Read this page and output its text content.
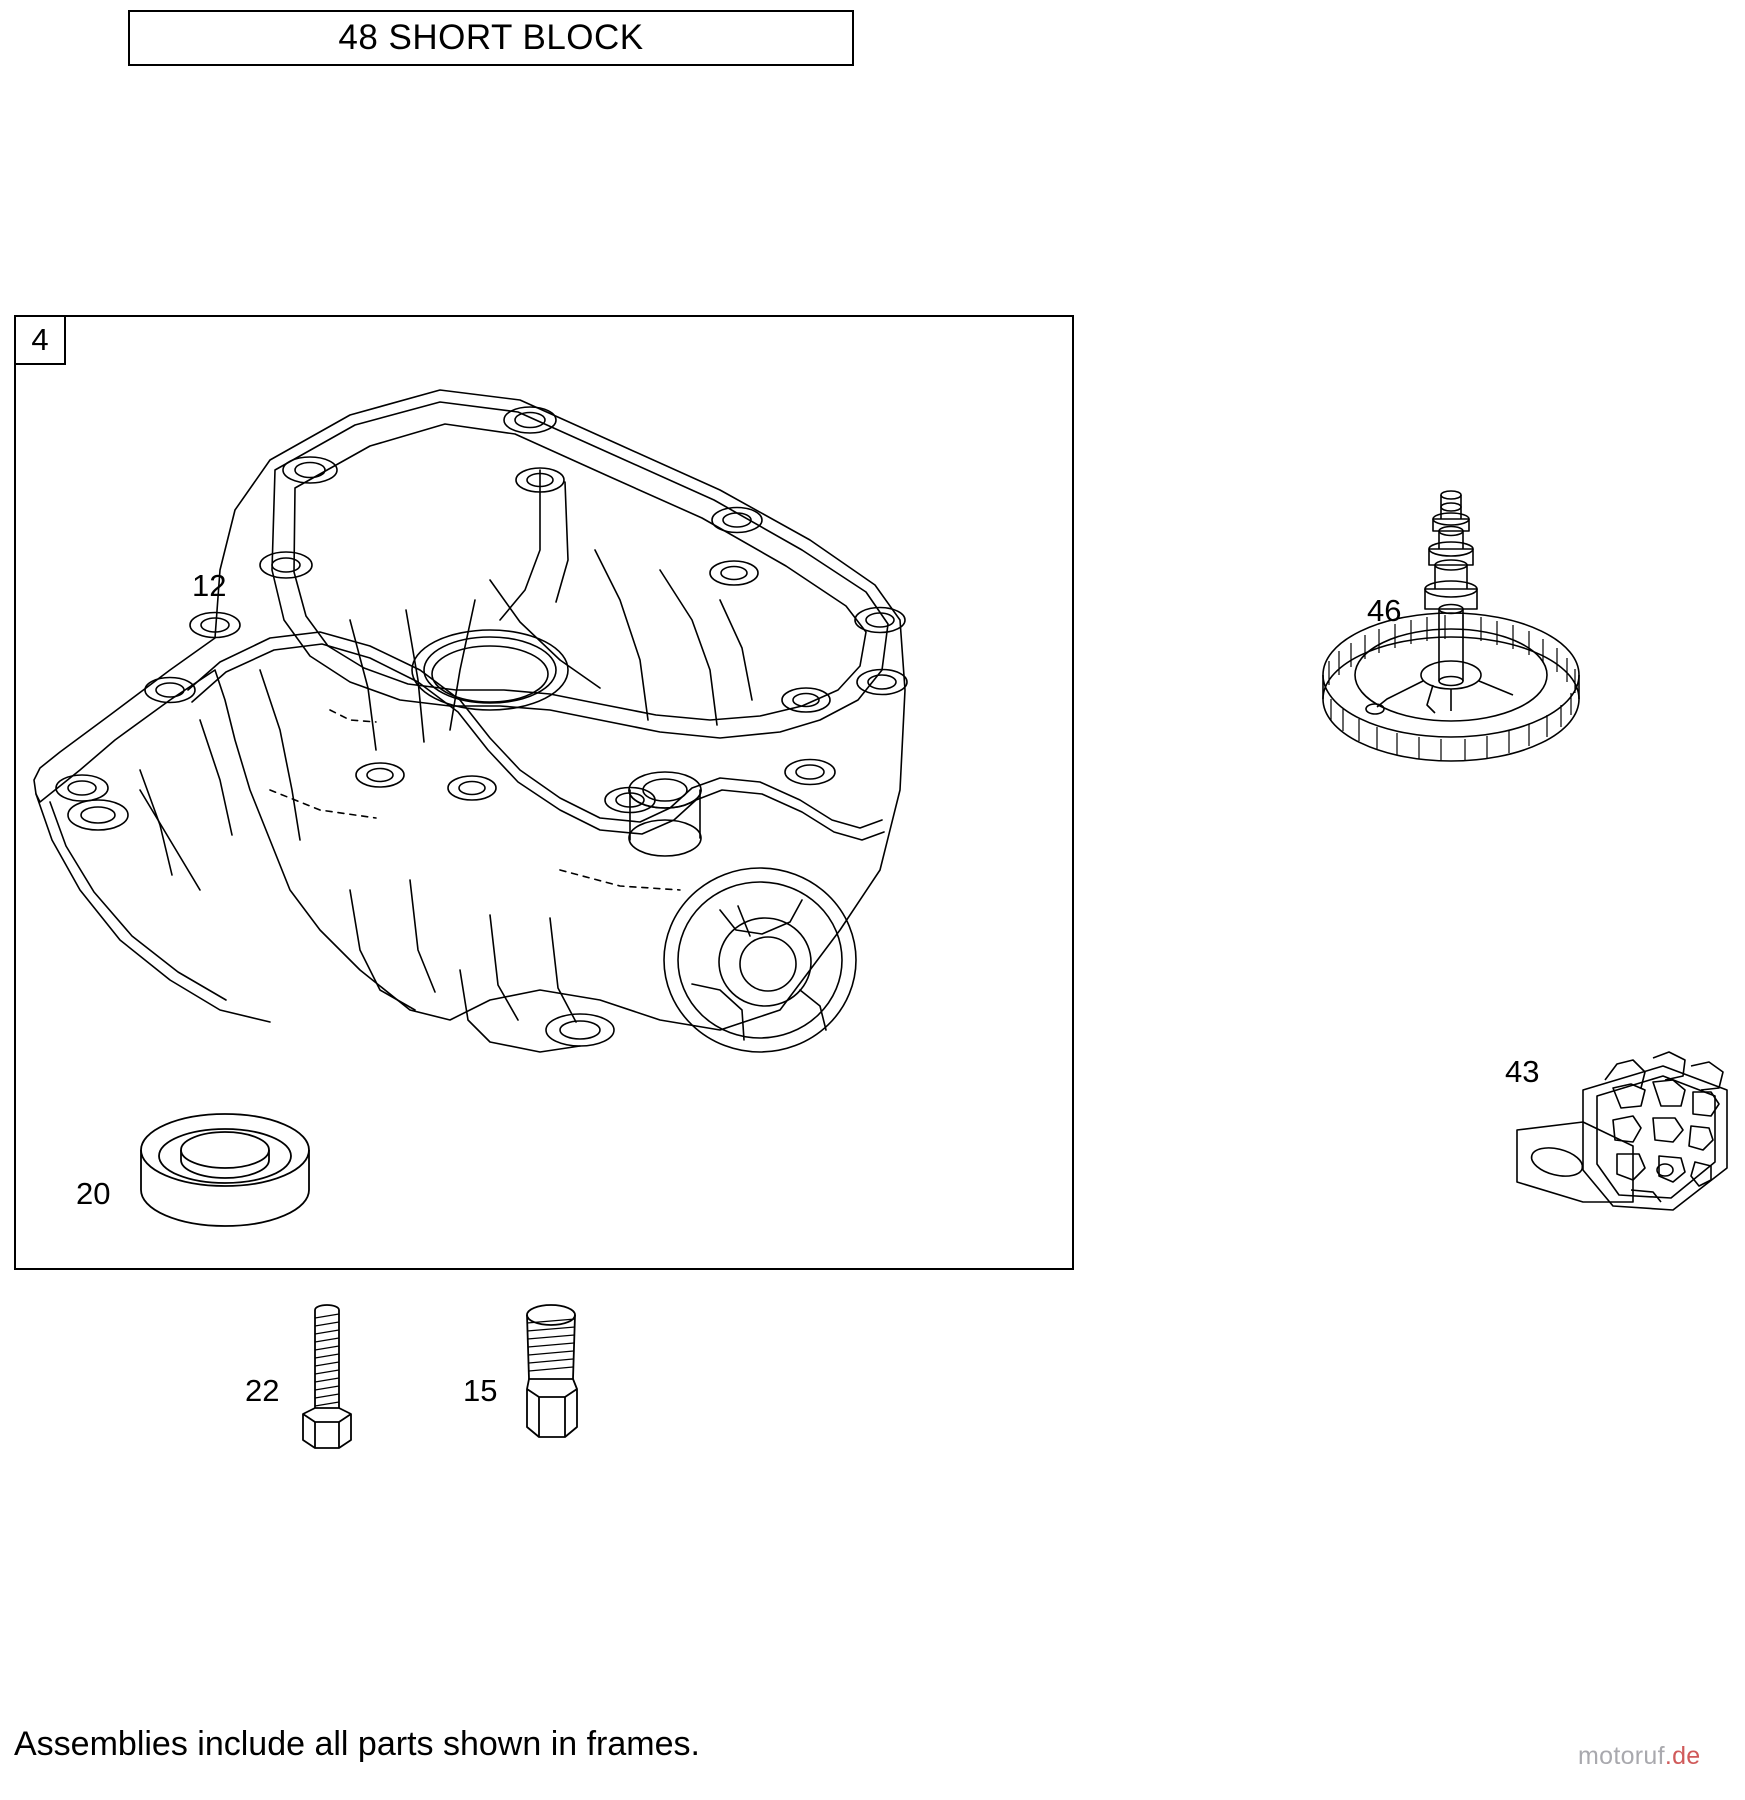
48 SHORT BLOCK
4
12
20
22	15
46
43
Assemblies include all parts shown in frames.	motoruf.de
